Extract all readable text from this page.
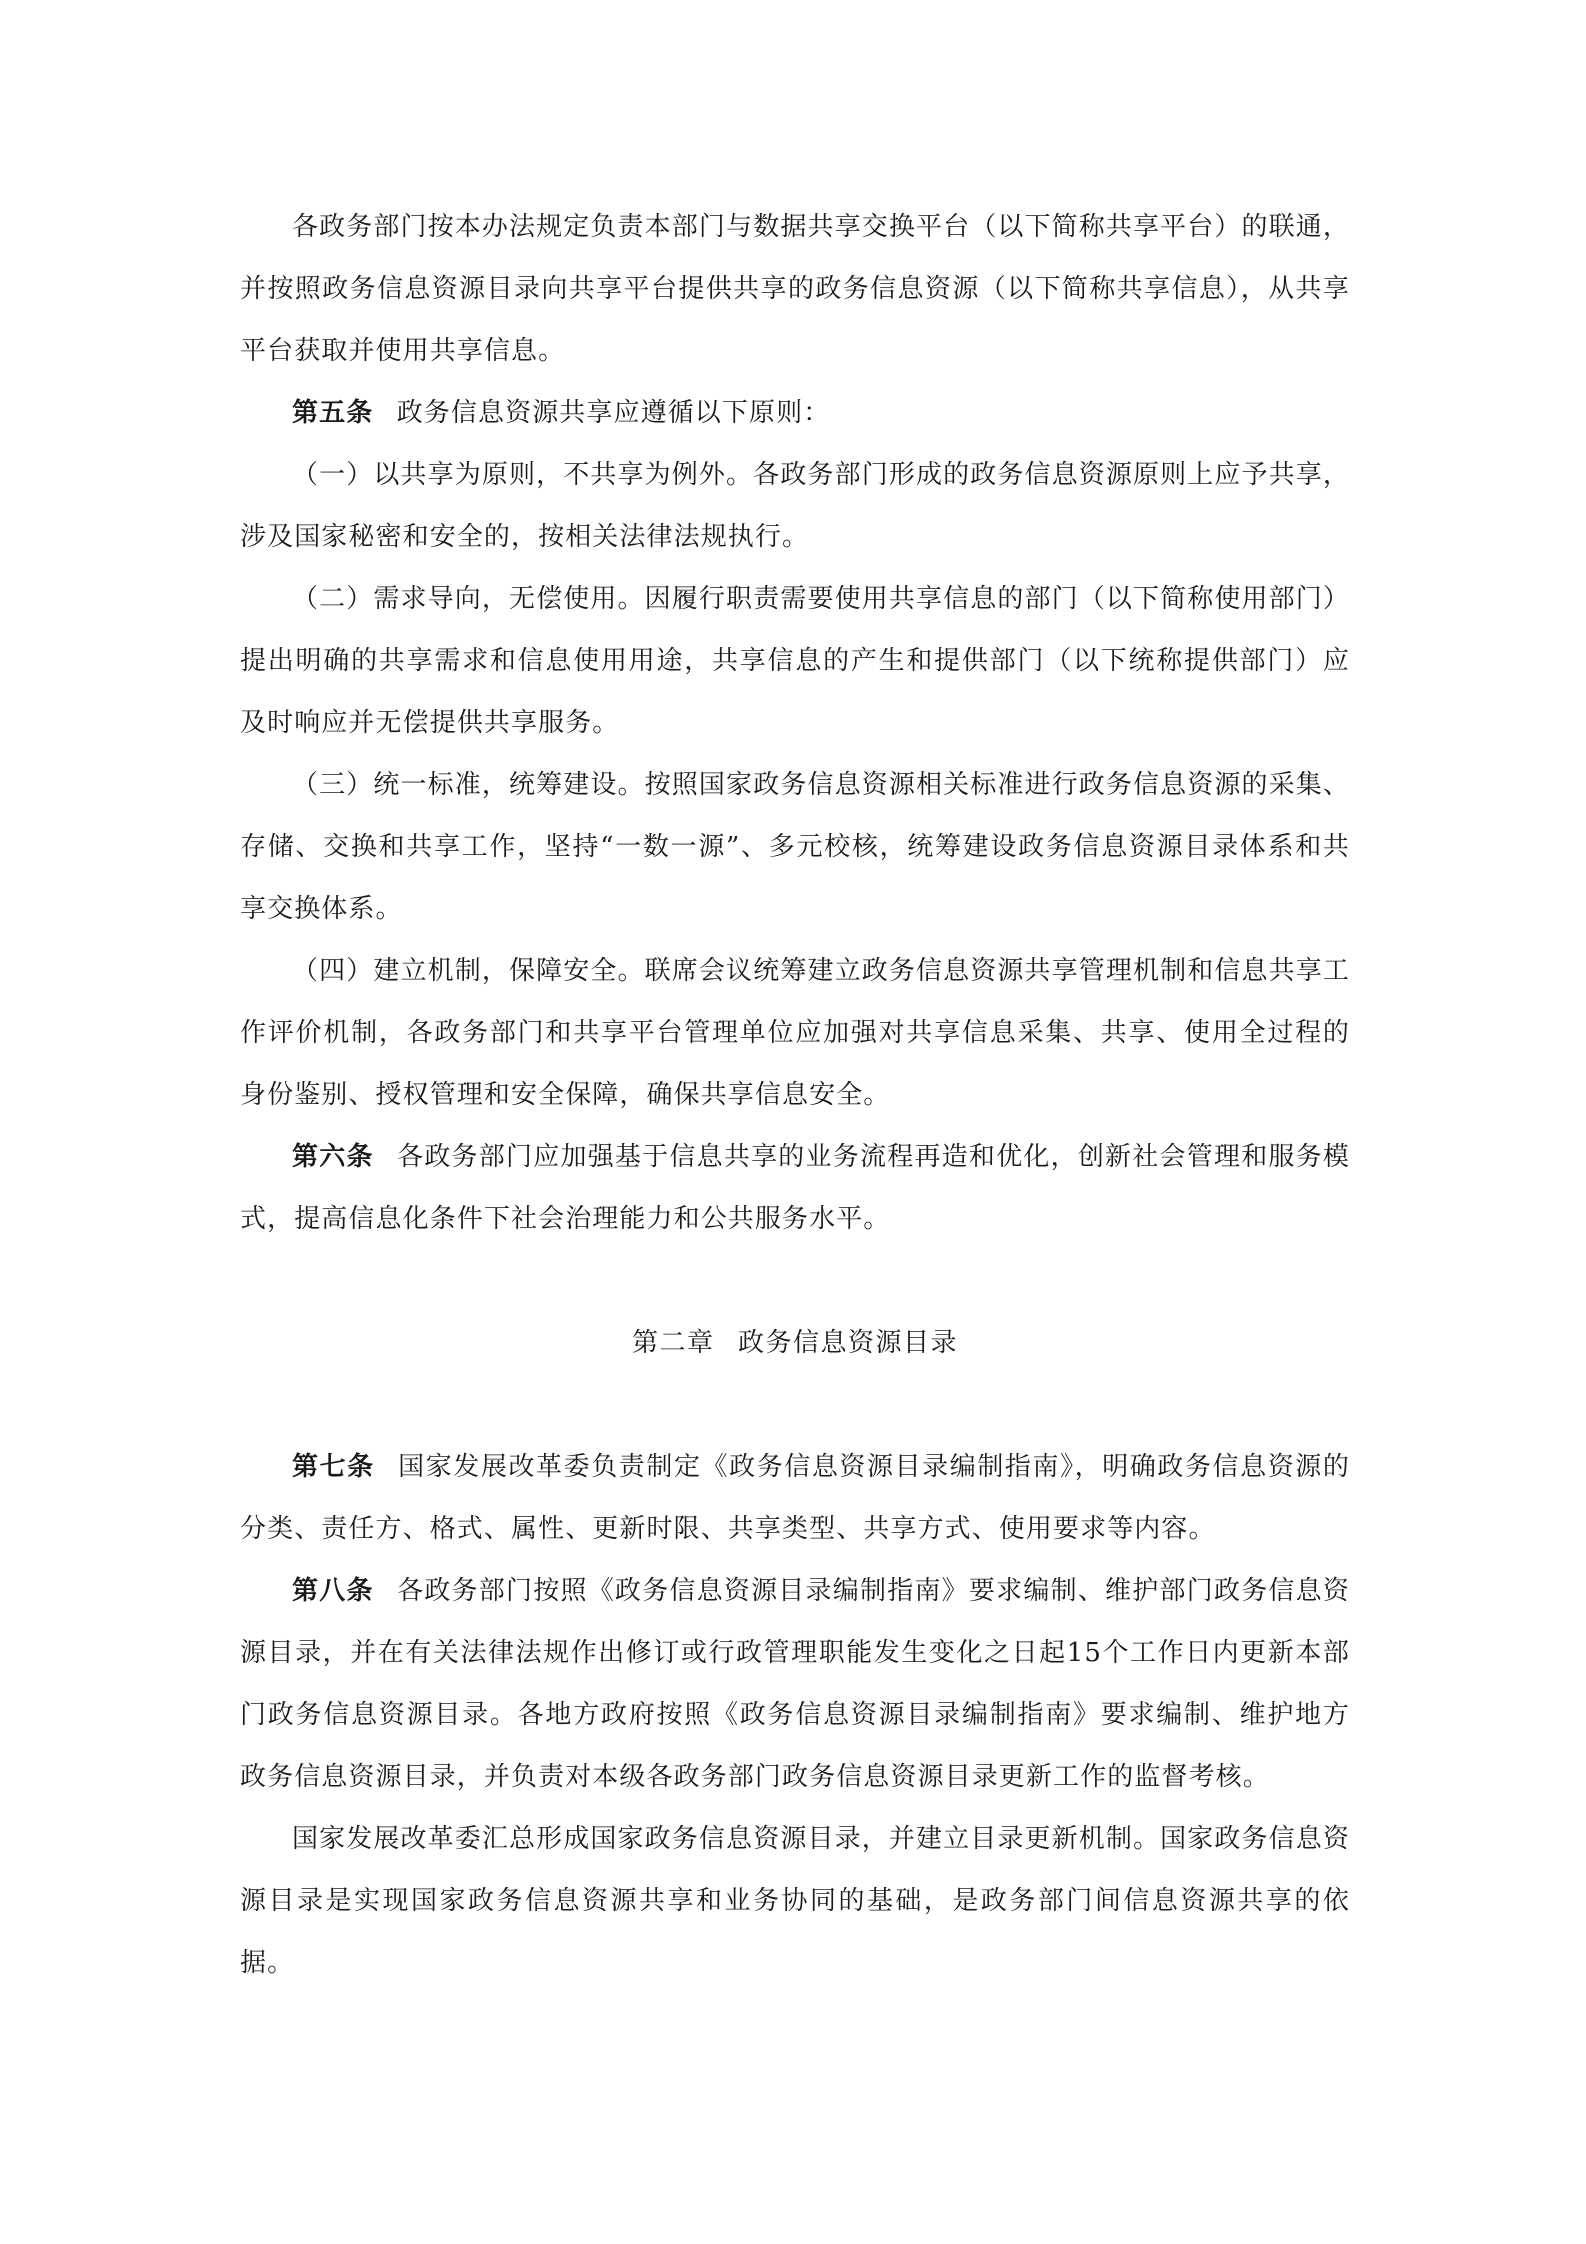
各政务部门按本办法规定负责本部门与数据共享交换平台（以下简称共享平台）的联通，并按照政务信息资源目录向共享平台提供共享的政务信息资源（以下简称共享信息），从共享平台获取并使用共享信息。

第五条 政务信息资源共享应遵循以下原则：

（一）以共享为原则，不共享为例外。各政务部门形成的政务信息资源原则上应予共享，涉及国家秘密和安全的，按相关法律法规执行。

（二）需求导向，无偿使用。因履行职责需要使用共享信息的部门（以下简称使用部门）提出明确的共享需求和信息使用用途，共享信息的产生和提供部门（以下统称提供部门）应及时响应并无偿提供共享服务。

（三）统一标准，统筹建设。按照国家政务信息资源相关标准进行政务信息资源的采集、存储、交换和共享工作，坚持“一数一源”、多元校核，统筹建设政务信息资源目录体系和共享交换体系。

（四）建立机制，保障安全。联席会议统筹建立政务信息资源共享管理机制和信息共享工作评价机制，各政务部门和共享平台管理单位应加强对共享信息采集、共享、使用全过程的身份鉴别、授权管理和安全保障，确保共享信息安全。

第六条 各政务部门应加强基于信息共享的业务流程再造和优化，创新社会管理和服务模式，提高信息化条件下社会治理能力和公共服务水平。

第二章 政务信息资源目录

第七条 国家发展改革委负责制定《政务信息资源目录编制指南》，明确政务信息资源的分类、责任方、格式、属性、更新时限、共享类型、共享方式、使用要求等内容。

第八条 各政务部门按照《政务信息资源目录编制指南》要求编制、维护部门政务信息资源目录，并在有关法律法规作出修订或行政管理职能发生变化之日起15个工作日内更新本部门政务信息资源目录。各地方政府按照《政务信息资源目录编制指南》要求编制、维护地方政务信息资源目录，并负责对本级各政务部门政务信息资源目录更新工作的监督考核。

国家发展改革委汇总形成国家政务信息资源目录，并建立目录更新机制。国家政务信息资源目录是实现国家政务信息资源共享和业务协同的基础，是政务部门间信息资源共享的依据。
